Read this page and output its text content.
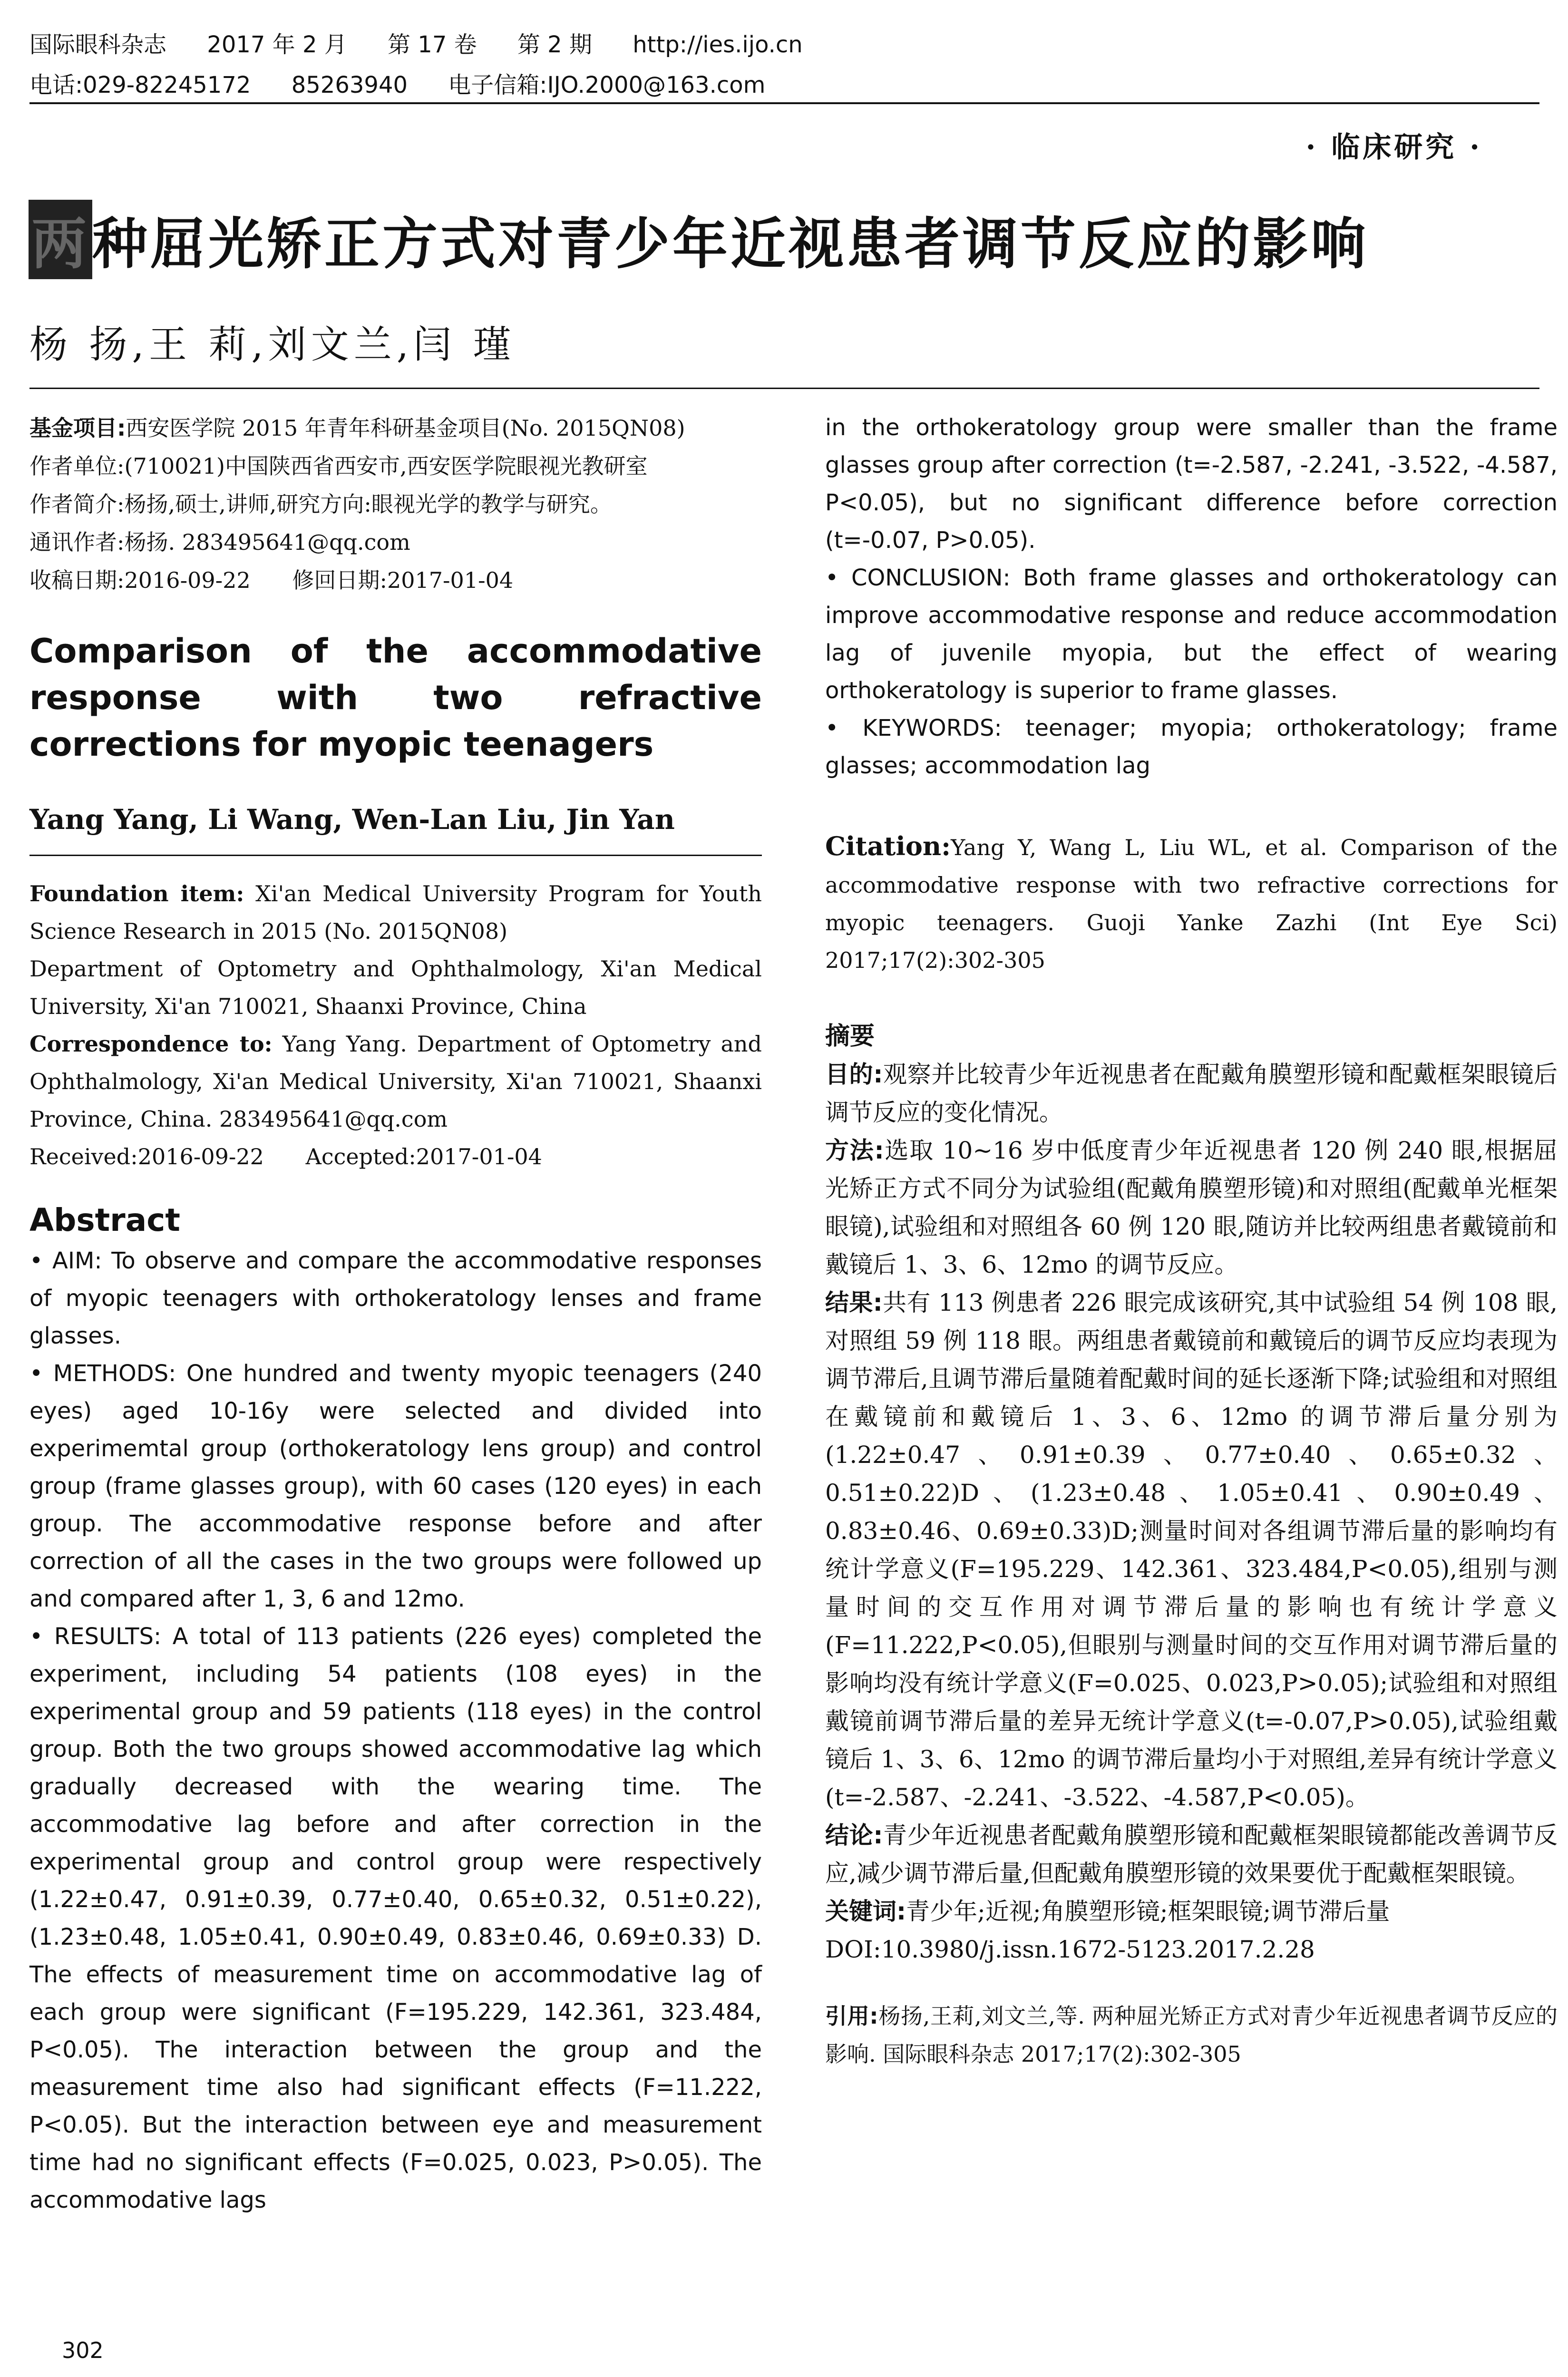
国际眼科杂志 2017 年 2 月 第 17 卷 第 2 期 http://ies.ijo.cn
电话:029-82245172 85263940 电子信箱:IJO.2000@163.com
· 临床研究 ·
两种屈光矫正方式对青少年近视患者调节反应的影响
杨 扬,王 莉,刘文兰,闫 瑾

基金项目:西安医学院 2015 年青年科研基金项目(No. 2015QN08)

作者单位:(710021)中国陕西省西安市,西安医学院眼视光教研室

作者简介:杨扬,硕士,讲师,研究方向:眼视光学的教学与研究。

通讯作者:杨扬. 283495641@qq.com

收稿日期:2016-09-22      修回日期:2017-01-04

Comparison of the accommodative response with two refractive corrections for myopic teenagers
Yang Yang, Li Wang, Wen-Lan Liu, Jin Yan

Foundation item: Xi'an Medical University Program for Youth Science Research in 2015 (No. 2015QN08)

Department of Optometry and Ophthalmology, Xi'an Medical University, Xi'an 710021, Shaanxi Province, China

Correspondence to: Yang Yang. Department of Optometry and Ophthalmology, Xi'an Medical University, Xi'an 710021, Shaanxi Province, China. 283495641@qq.com

Received:2016-09-22      Accepted:2017-01-04

Abstract

• AIM: To observe and compare the accommodative responses of myopic teenagers with orthokeratology lenses and frame glasses.

• METHODS: One hundred and twenty myopic teenagers (240 eyes) aged 10-16y were selected and divided into experimemtal group (orthokeratology lens group) and control group (frame glasses group), with 60 cases (120 eyes) in each group. The accommodative response before and after correction of all the cases in the two groups were followed up and compared after 1, 3, 6 and 12mo.

• RESULTS: A total of 113 patients (226 eyes) completed the experiment, including 54 patients (108 eyes) in the experimental group and 59 patients (118 eyes) in the control group. Both the two groups showed accommodative lag which gradually decreased with the wearing time. The accommodative lag before and after correction in the experimental group and control group were respectively (1.22±0.47, 0.91±0.39, 0.77±0.40, 0.65±0.32, 0.51±0.22), (1.23±0.48, 1.05±0.41, 0.90±0.49, 0.83±0.46, 0.69±0.33) D. The effects of measurement time on accommodative lag of each group were significant (F=195.229, 142.361, 323.484, P<0.05). The interaction between the group and the measurement time also had significant effects (F=11.222, P<0.05). But the interaction between eye and measurement time had no significant effects (F=0.025, 0.023, P>0.05). The accommodative lags

in the orthokeratology group were smaller than the frame glasses group after correction (t=-2.587, -2.241, -3.522, -4.587, P<0.05), but no significant difference before correction (t=-0.07, P>0.05).

• CONCLUSION: Both frame glasses and orthokeratology can improve accommodative response and reduce accommodation lag of juvenile myopia, but the effect of wearing orthokeratology is superior to frame glasses.

• KEYWORDS: teenager; myopia; orthokeratology; frame glasses; accommodation lag

Citation:Yang Y, Wang L, Liu WL, et al. Comparison of the accommodative response with two refractive corrections for myopic teenagers. Guoji Yanke Zazhi (Int Eye Sci) 2017;17(2):302-305
摘要

目的:观察并比较青少年近视患者在配戴角膜塑形镜和配戴框架眼镜后调节反应的变化情况。

方法:选取 10~16 岁中低度青少年近视患者 120 例 240 眼,根据屈光矫正方式不同分为试验组(配戴角膜塑形镜)和对照组(配戴单光框架眼镜),试验组和对照组各 60 例 120 眼,随访并比较两组患者戴镜前和戴镜后 1、3、6、12mo 的调节反应。

结果:共有 113 例患者 226 眼完成该研究,其中试验组 54 例 108 眼,对照组 59 例 118 眼。两组患者戴镜前和戴镜后的调节反应均表现为调节滞后,且调节滞后量随着配戴时间的延长逐渐下降;试验组和对照组在戴镜前和戴镜后 1、3、6、12mo 的调节滞后量分别为(1.22±0.47、0.91±0.39、0.77±0.40、0.65±0.32、0.51±0.22)D、(1.23±0.48、1.05±0.41、0.90±0.49、0.83±0.46、0.69±0.33)D;测量时间对各组调节滞后量的影响均有统计学意义(F=195.229、142.361、323.484,P<0.05),组别与测量时间的交互作用对调节滞后量的影响也有统计学意义(F=11.222,P<0.05),但眼别与测量时间的交互作用对调节滞后量的影响均没有统计学意义(F=0.025、0.023,P>0.05);试验组和对照组戴镜前调节滞后量的差异无统计学意义(t=-0.07,P>0.05),试验组戴镜后 1、3、6、12mo 的调节滞后量均小于对照组,差异有统计学意义(t=-2.587、-2.241、-3.522、-4.587,P<0.05)。

结论:青少年近视患者配戴角膜塑形镜和配戴框架眼镜都能改善调节反应,减少调节滞后量,但配戴角膜塑形镜的效果要优于配戴框架眼镜。

关键词:青少年;近视;角膜塑形镜;框架眼镜;调节滞后量

DOI:10.3980/j.issn.1672-5123.2017.2.28

引用:杨扬,王莉,刘文兰,等. 两种屈光矫正方式对青少年近视患者调节反应的影响. 国际眼科杂志 2017;17(2):302-305
302
